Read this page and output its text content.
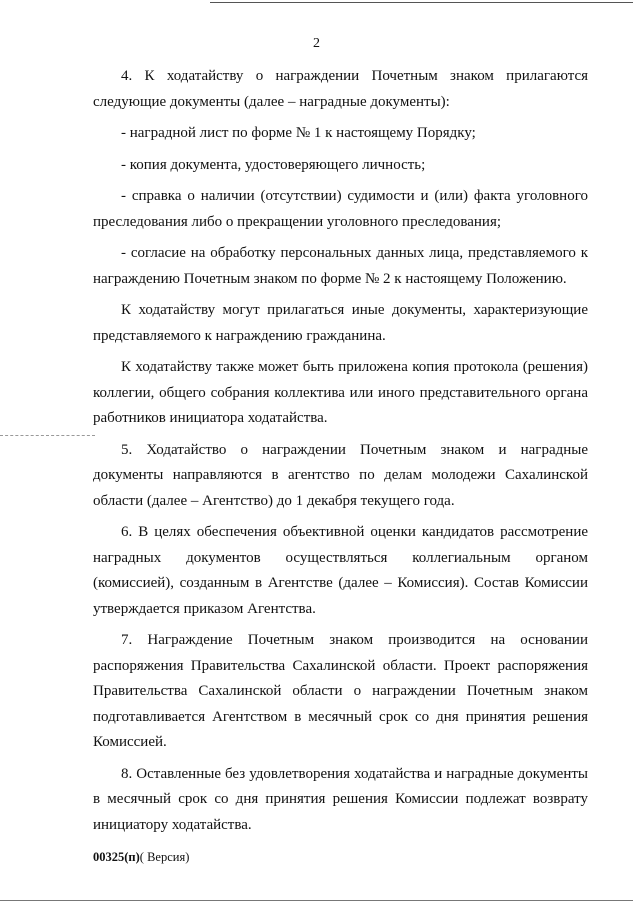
2

4. К ходатайству о награждении Почетным знаком прилагаются следующие документы (далее – наградные документы):

- наградной лист по форме № 1 к настоящему Порядку;

- копия документа, удостоверяющего личность;

- справка о наличии (отсутствии) судимости и (или) факта уголовного преследования либо о прекращении уголовного преследования;

- согласие на обработку персональных данных лица, представляемого к награждению Почетным знаком по форме № 2 к настоящему Положению.

К ходатайству могут прилагаться иные документы, характеризующие представляемого к награждению гражданина.

К ходатайству также может быть приложена копия протокола (решения) коллегии, общего собрания коллектива или иного представительного органа работников инициатора ходатайства.

5. Ходатайство о награждении Почетным знаком и наградные документы направляются в агентство по делам молодежи Сахалинской области (далее – Агентство) до 1 декабря текущего года.

6. В целях обеспечения объективной оценки кандидатов рассмотрение наградных документов осуществляться коллегиальным органом (комиссией), созданным в Агентстве (далее – Комиссия). Состав Комиссии утверждается приказом Агентства.

7. Награждение Почетным знаком производится на основании распоряжения Правительства Сахалинской области. Проект распоряжения Правительства Сахалинской области о награждении Почетным знаком подготавливается Агентством в месячный срок со дня принятия решения Комиссией.

8. Оставленные без удовлетворения ходатайства и наградные документы в месячный срок со дня принятия решения Комиссии подлежат возврату инициатору ходатайства.

00325(п)( Версия)
